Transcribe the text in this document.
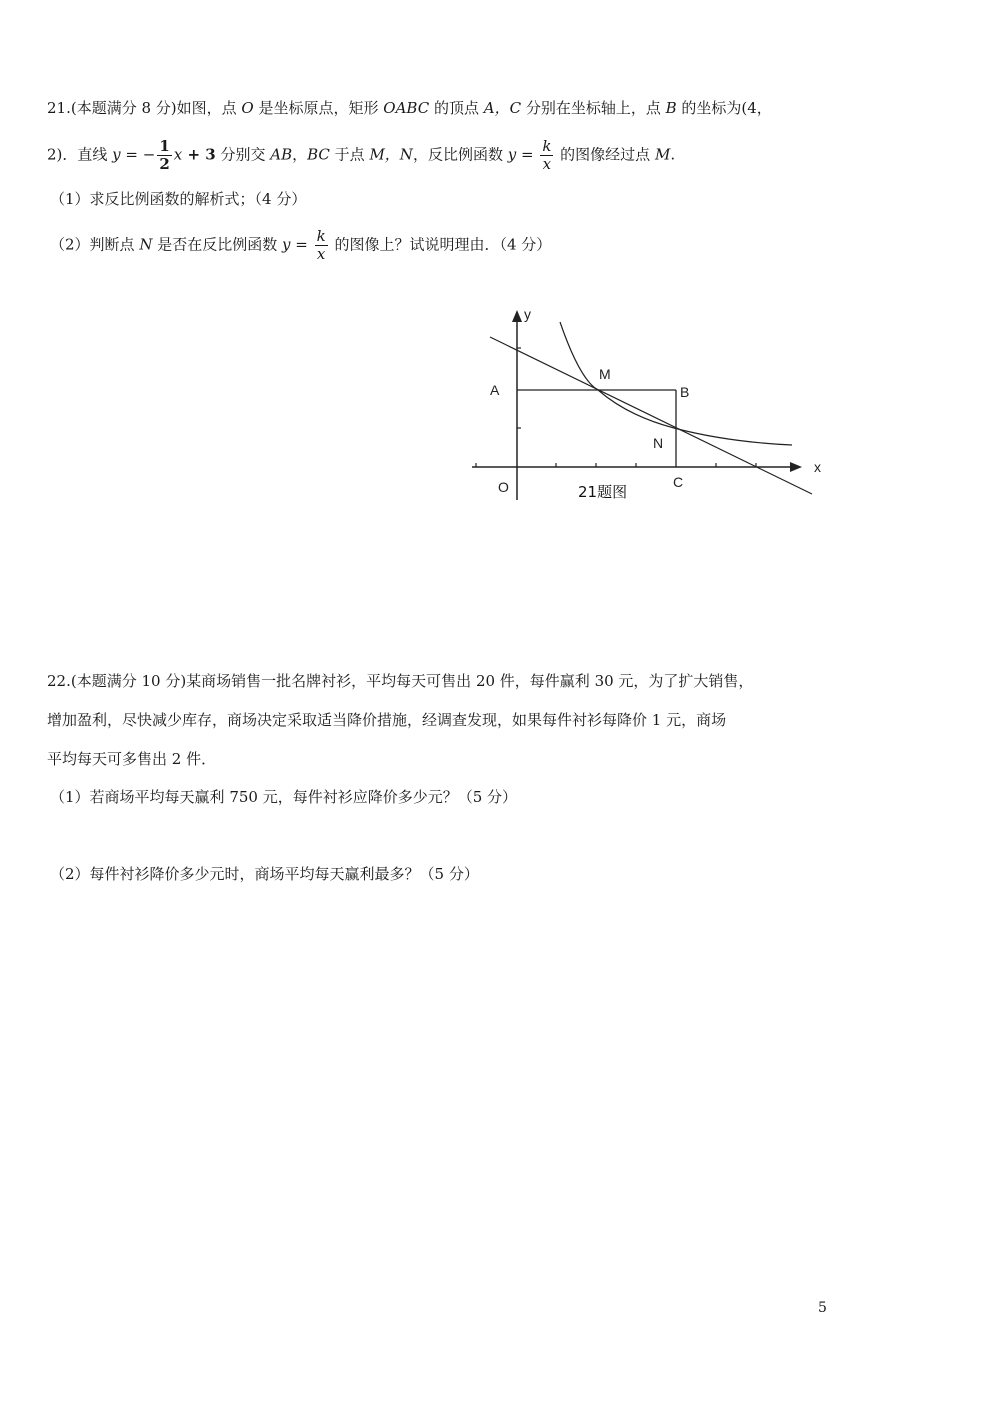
21.(本题满分 8 分)如图，点 O 是坐标原点，矩形 OABC 的顶点 A，C 分别在坐标轴上，点 B 的坐标为(4，
2)．直线 y = − $\frac{1}{2}$ x + 3 分别交 AB，BC 于点 M，N，反比例函数 $y = \frac{k}{x}$ 的图像经过点 M.
（1）求反比例函数的解析式；（4 分）
（2）判断点 N 是否在反比例函数 $y = \frac{k}{x}$ 的图像上？试说明理由．（4 分）
y
x
O
A	B
C
M
N
21题图
22.(本题满分 10 分)某商场销售一批名牌衬衫，平均每天可售出 20 件，每件赢利 30 元，为了扩大销售，
增加盈利，尽快减少库存，商场决定采取适当降价措施，经调查发现，如果每件衬衫每降价 1 元，商场
平均每天可多售出 2 件．
（1）若商场平均每天赢利 750 元，每件衬衫应降价多少元？（5 分）
（2）每件衬衫降价多少元时，商场平均每天赢利最多？（5 分）
5
